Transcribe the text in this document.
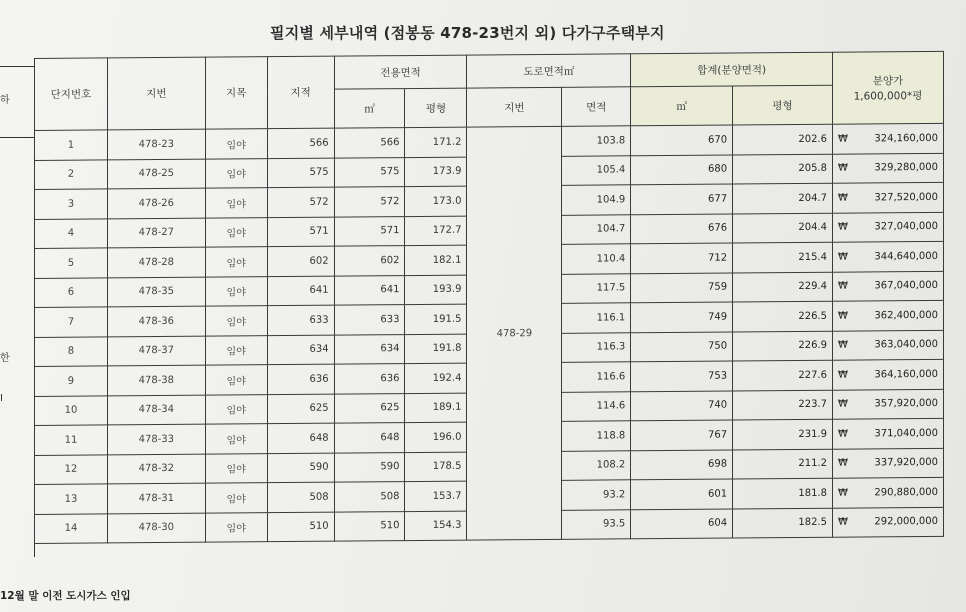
필지별 세부내역 (점봉동 478-23번지 외) 다가구주택부지
하
한
I
단지번호	지번	지목	지적	전용면적		도로면적㎡		합계(분양면적)		분양가
1,600,000*평

				㎡	평형	지번	면적	㎡	평형	
1	478-23	임야	566	566	171.2	478-29	103.8	670	202.6	₩ 324,160,000

2	478-25	임야	575	575	173.9		105.4	680	205.8	₩ 329,280,000

3	478-26	임야	572	572	173.0		104.9	677	204.7	₩ 327,520,000

4	478-27	임야	571	571	172.7		104.7	676	204.4	₩ 327,040,000

5	478-28	임야	602	602	182.1		110.4	712	215.4	₩ 344,640,000

6	478-35	임야	641	641	193.9		117.5	759	229.4	₩ 367,040,000

7	478-36	임야	633	633	191.5		116.1	749	226.5	₩ 362,400,000

8	478-37	임야	634	634	191.8		116.3	750	226.9	₩ 363,040,000

9	478-38	임야	636	636	192.4		116.6	753	227.6	₩ 364,160,000

10	478-34	임야	625	625	189.1		114.6	740	223.7	₩ 357,920,000

11	478-33	임야	648	648	196.0		118.8	767	231.9	₩ 371,040,000

12	478-32	임야	590	590	178.5		108.2	698	211.2	₩ 337,920,000

13	478-31	임야	508	508	153.7		93.2	601	181.8	₩ 290,880,000

14	478-30	임야	510	510	154.3		93.5	604	182.5	₩ 292,000,000
12월 말 이전 도시가스 인입
